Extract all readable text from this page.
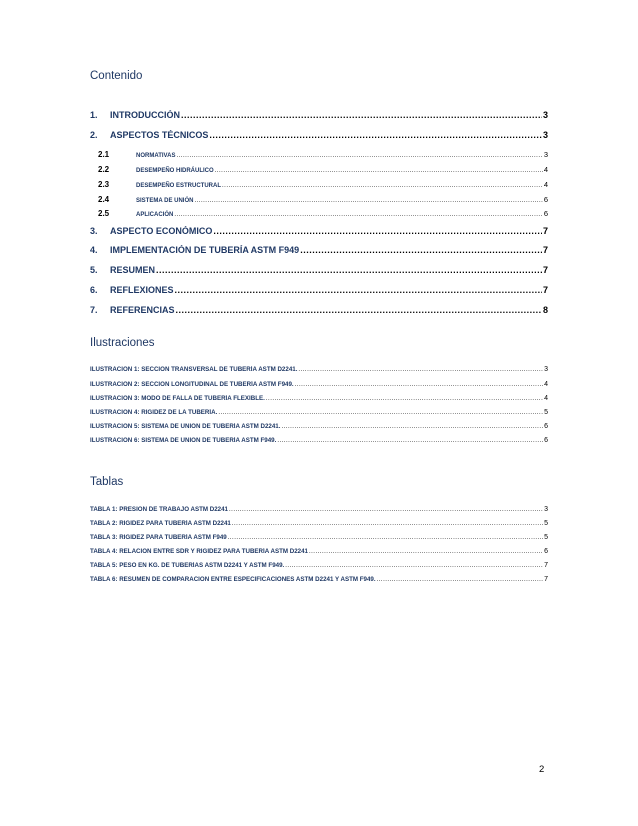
Contenido
1.	INTRODUCCIÓN .....	3
2.	ASPECTOS TÉCNICOS .....	3
2.1	NORMATIVAS .....	3
2.2	DESEMPEÑO HIDRÁULICO .....	4
2.3	DESEMPEÑO ESTRUCTURAL .....	4
2.4	SISTEMA DE UNIÓN .....	6
2.5	APLICACIÓN .....	6
3.	ASPECTO ECONÓMICO .....	7
4.	IMPLEMENTACIÓN DE TUBERÍA ASTM F949 .....	7
5.	RESUMEN .....	7
6.	REFLEXIONES .....	7
7.	REFERENCIAS .....	8
Ilustraciones
ILUSTRACIÓN 1: SECCIÓN TRANSVERSAL DE TUBERÍA ASTM D2241. .....	3
ILUSTRACIÓN 2: SECCIÓN LONGITUDINAL DE TUBERÍA ASTM F949. .....	4
ILUSTRACIÓN 3: MODO DE FALLA DE TUBERÍA FLEXIBLE. .....	4
ILUSTRACIÓN 4: RIGIDEZ DE LA TUBERÍA. .....	5
ILUSTRACIÓN 5: SISTEMA DE UNIÓN DE TUBERÍA ASTM D2241. .....	6
ILUSTRACIÓN 6: SISTEMA DE UNIÓN DE TUBERÍA ASTM F949. .....	6
Tablas
TABLA 1: PRESIÓN DE TRABAJO ASTM D2241 .....	3
TABLA 2: RIGIDEZ PARA TUBERÍA ASTM D2241 .....	5
TABLA 3: RIGIDEZ PARA TUBERÍA ASTM F949 .....	5
TABLA 4: RELACIÓN ENTRE SDR Y RIGIDEZ PARA TUBERÍA ASTM D2241 .....	6
TABLA 5: PESO EN KG. DE TUBERÍAS ASTM D2241 Y ASTM F949. .....	7
TABLA 6: RESUMEN DE COMPARACIÓN ENTRE ESPECIFICACIONES ASTM D2241 Y ASTM F949. .....	7
2
